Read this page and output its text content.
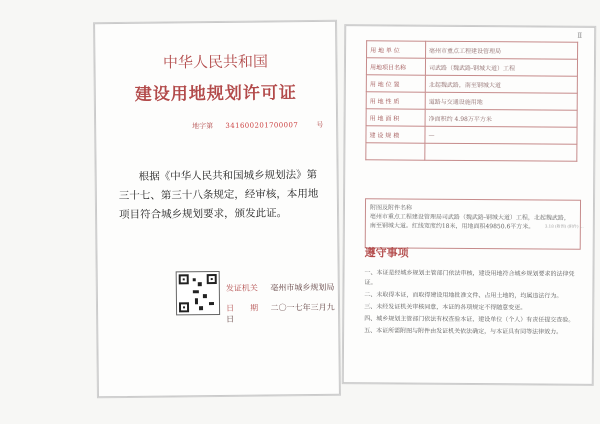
中华人民共和国
建设用地规划许可证
地字第 341600201700007	号
根据《中华人民共和国城乡规划法》第三十七、第三十八条规定，经审核，本用地项目符合城乡规划要求，颁发此证。
发证机关 亳州市城乡规划局
日　　期 二〇一七年三月九日
Ⅱ
用 地 单 位	亳州市重点工程建设管理局
用地项目名称	司武路（魏武路-钢城大道）工程
用 地 位 置	北起魏武路，南至钢城大道
用 地 性 质	道路与交通设施用地
用 地 面 积	净面积约 4.98万平方米
建 设 规 模	—

附图及附件名称
亳州市重点工程建设管理局司武路（魏武路-钢城大道）工程，北起魏武路，南至钢城大道。红线宽度约18米，用地面积49850.6平方米。	3.18 (附图) (附件) ...
遵守事项
一、本证是经城乡规划主管部门依法审核，建设用地符合城乡规划要求的法律凭证。
二、未取得本证，而取得建设用地批准文件、占用土地的，均属违法行为。
三、未经发证机关审核同意，本证的各项规定不得随意变更。
四、城乡规划主管部门依法有权查验本证，建设单位（个人）有责任提交查验。
五、本证所需附图与附件由发证机关依法确定，与本证具有同等法律效力。
